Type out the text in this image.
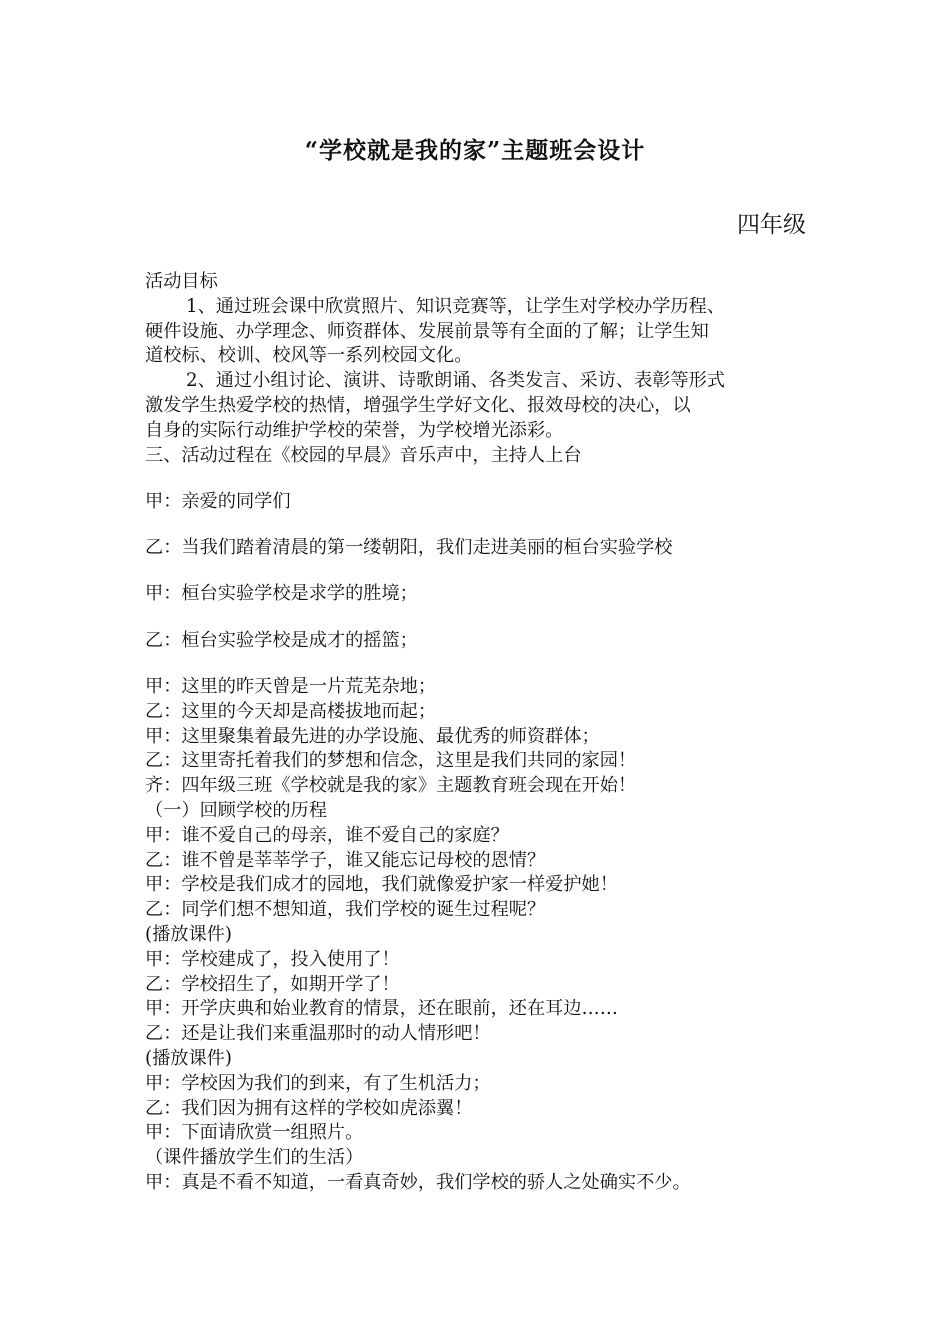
“学校就是我的家”主题班会设计
四年级
活动目标
1、通过班会课中欣赏照片、知识竞赛等，让学生对学校办学历程、
硬件设施、办学理念、师资群体、发展前景等有全面的了解；让学生知
道校标、校训、校风等一系列校园文化。
2、通过小组讨论、演讲、诗歌朗诵、各类发言、采访、表彰等形式
激发学生热爱学校的热情，增强学生学好文化、报效母校的决心，以
自身的实际行动维护学校的荣誉，为学校增光添彩。
三、活动过程在《校园的早晨》音乐声中，主持人上台
甲：亲爱的同学们
乙：当我们踏着清晨的第一缕朝阳，我们走进美丽的桓台实验学校
甲：桓台实验学校是求学的胜境；
乙：桓台实验学校是成才的摇篮；
甲：这里的昨天曾是一片荒芜杂地；
乙：这里的今天却是高楼拔地而起；
甲：这里聚集着最先进的办学设施、最优秀的师资群体；
乙：这里寄托着我们的梦想和信念，这里是我们共同的家园！
齐：四年级三班《学校就是我的家》主题教育班会现在开始！
（一）回顾学校的历程
甲：谁不爱自己的母亲，谁不爱自己的家庭？
乙：谁不曾是莘莘学子，谁又能忘记母校的恩情？
甲：学校是我们成才的园地，我们就像爱护家一样爱护她！
乙：同学们想不想知道，我们学校的诞生过程呢？
(播放课件)
甲：学校建成了，投入使用了！
乙：学校招生了，如期开学了！
甲：开学庆典和始业教育的情景，还在眼前，还在耳边……
乙：还是让我们来重温那时的动人情形吧！
(播放课件)
甲：学校因为我们的到来，有了生机活力；
乙：我们因为拥有这样的学校如虎添翼！
甲：下面请欣赏一组照片。
（课件播放学生们的生活）
甲：真是不看不知道，一看真奇妙，我们学校的骄人之处确实不少。
